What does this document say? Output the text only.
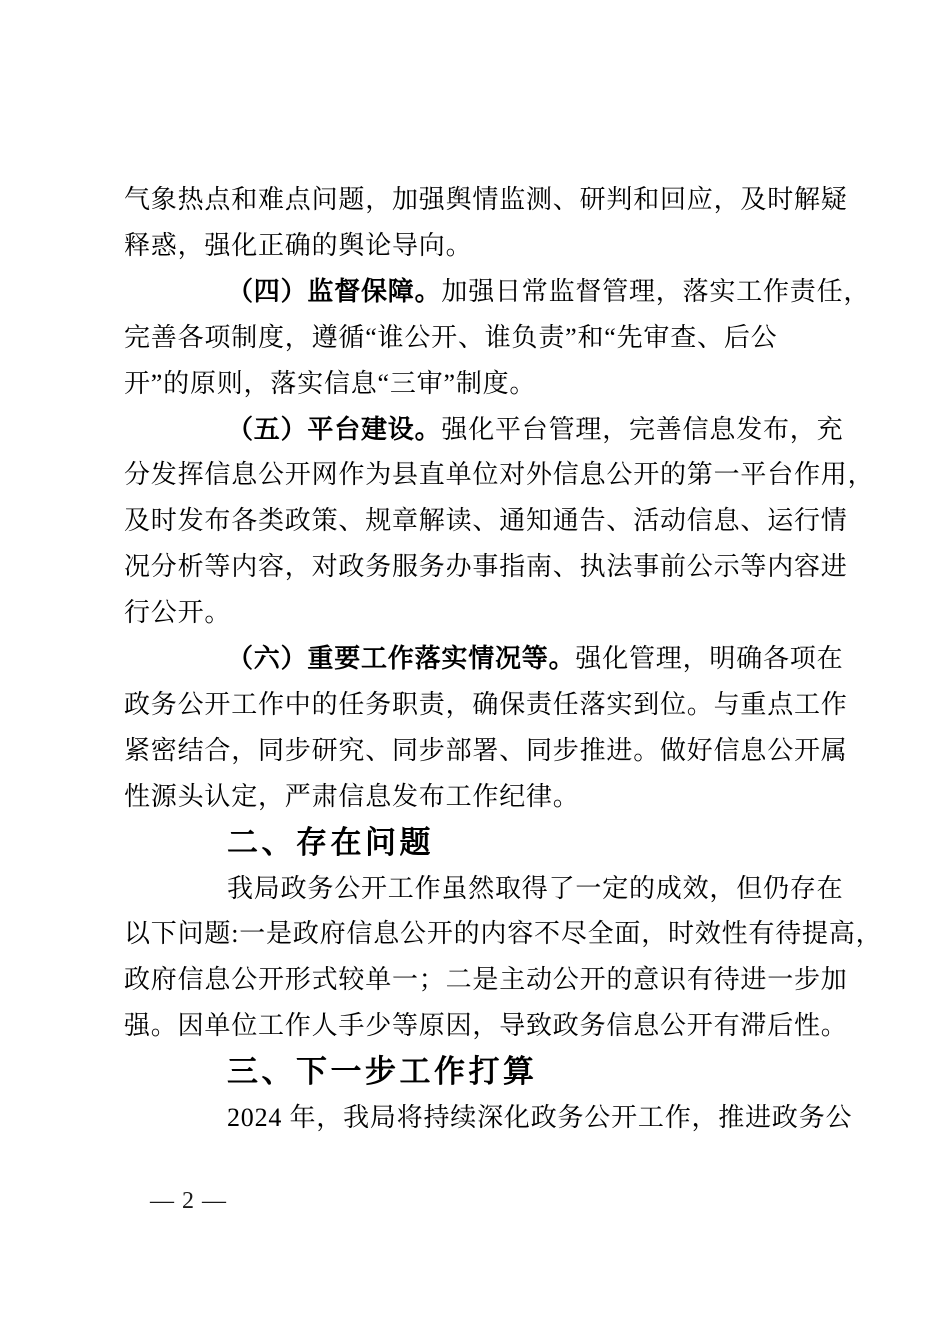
气象热点和难点问题，加强舆情监测、研判和回应，及时解疑
释惑，强化正确的舆论导向。
（四）监督保障。加强日常监督管理，落实工作责任，
完善各项制度，遵循“谁公开、谁负责”和“先审查、后公
开”的原则，落实信息“三审”制度。
（五）平台建设。强化平台管理，完善信息发布，充
分发挥信息公开网作为县直单位对外信息公开的第一平台作用，
及时发布各类政策、规章解读、通知通告、活动信息、运行情
况分析等内容，对政务服务办事指南、执法事前公示等内容进
行公开。
（六）重要工作落实情况等。强化管理，明确各项在
政务公开工作中的任务职责，确保责任落实到位。与重点工作
紧密结合，同步研究、同步部署、同步推进。做好信息公开属
性源头认定，严肃信息发布工作纪律。
二、存在问题
我局政务公开工作虽然取得了一定的成效，但仍存在
以下问题:一是政府信息公开的内容不尽全面，时效性有待提高，
政府信息公开形式较单一；二是主动公开的意识有待进一步加
强。因单位工作人手少等原因，导致政务信息公开有滞后性。
三、下一步工作打算
2024 年，我局将持续深化政务公开工作，推进政务公
— 2 —
